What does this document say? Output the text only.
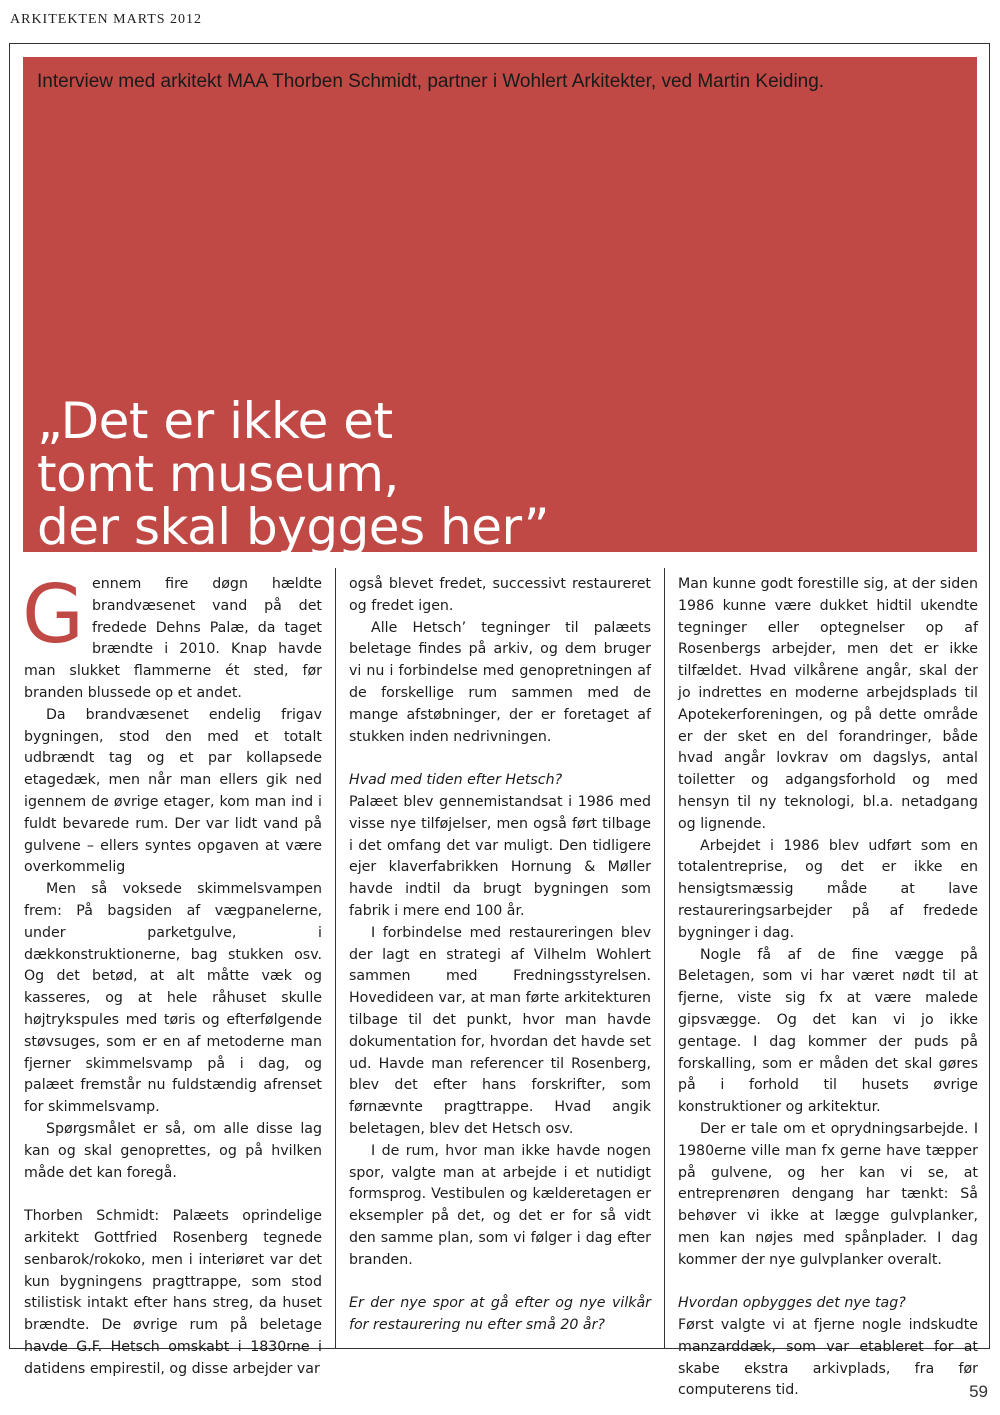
ARKITEKTEN MARTS 2012
Interview med arkitekt MAA Thorben Schmidt, partner i Wohlert Arkitekter, ved Martin Keiding.
„Det er ikke et
tomt museum,
der skal bygges her”

Gennem fire døgn hældte brandvæsenet vand på det fredede Dehns Palæ, da taget brændte i 2010. Knap havde man slukket flammerne ét sted, før branden blussede op et andet.

Da brandvæsenet endelig frigav bygningen, stod den med et totalt udbrændt tag og et par kollapsede etagedæk, men når man ellers gik ned igennem de øvrige etager, kom man ind i fuldt bevarede rum. Der var lidt vand på gulvene – ellers syntes opgaven at være overkommelig

Men så voksede skimmelsvampen frem: På bagsiden af vægpanelerne, under parketgulve, i dækkonstruktionerne, bag stukken osv. Og det betød, at alt måtte væk og kasseres, og at hele råhuset skulle højtrykspules med tøris og efterfølgende støvsuges, som er en af metoderne man fjerner skimmelsvamp på i dag, og palæet fremstår nu fuldstændig afrenset for skimmelsvamp.

Spørgsmålet er så, om alle disse lag kan og skal genoprettes, og på hvilken måde det kan foregå.

Thorben Schmidt: Palæets oprindelige arkitekt Gottfried Rosenberg tegnede senbarok/rokoko, men i interiøret var det kun bygningens pragttrappe, som stod stilistisk intakt efter hans streg, da huset brændte. De øvrige rum på beletage havde G.F. Hetsch omskabt i 1830rne i datidens empirestil, og disse arbejder var

også blevet fredet, successivt restaureret og fredet igen.

Alle Hetsch’ tegninger til palæets beletage findes på arkiv, og dem bruger vi nu i forbindelse med genopretningen af de forskellige rum sammen med de mange afstøbninger, der er foretaget af stukken inden nedrivningen.

Hvad med tiden efter Hetsch?

Palæet blev gennemistandsat i 1986 med visse nye tilføjelser, men også ført tilbage i det omfang det var muligt. Den tidligere ejer klaverfabrikken Hornung & Møller havde indtil da brugt bygningen som fabrik i mere end 100 år.

I forbindelse med restaureringen blev der lagt en strategi af Vilhelm Wohlert sammen med Fredningsstyrelsen. Hovedideen var, at man førte arkitekturen tilbage til det punkt, hvor man havde dokumentation for, hvordan det havde set ud. Havde man referencer til Rosenberg, blev det efter hans forskrifter, som førnævnte pragttrappe. Hvad angik beletagen, blev det Hetsch osv.

I de rum, hvor man ikke havde nogen spor, valgte man at arbejde i et nutidigt formsprog. Vestibulen og kælderetagen er eksempler på det, og det er for så vidt den samme plan, som vi følger i dag efter branden.

Er der nye spor at gå efter og nye vilkår for restaurering nu efter små 20 år?

Man kunne godt forestille sig, at der siden 1986 kunne være dukket hidtil ukendte tegninger eller optegnelser op af Rosenbergs arbejder, men det er ikke tilfældet. Hvad vilkårene angår, skal der jo indrettes en moderne arbejdsplads til Apotekerforeningen, og på dette område er der sket en del forandringer, både hvad angår lovkrav om dagslys, antal toiletter og adgangsforhold og med hensyn til ny teknologi, bl.a. netadgang og lignende.

Arbejdet i 1986 blev udført som en totalentreprise, og det er ikke en hensigtsmæssig måde at lave restaureringsarbejder på af fredede bygninger i dag.

Nogle få af de fine vægge på Beletagen, som vi har været nødt til at fjerne, viste sig fx at være malede gipsvægge. Og det kan vi jo ikke gentage. I dag kommer der puds på forskalling, som er måden det skal gøres på i forhold til husets øvrige konstruktioner og arkitektur.

Der er tale om et oprydningsarbejde. I 1980erne ville man fx gerne have tæpper på gulvene, og her kan vi se, at entreprenøren dengang har tænkt: Så behøver vi ikke at lægge gulvplanker, men kan nøjes med spånplader. I dag kommer der nye gulvplanker overalt.

Hvordan opbygges det nye tag?

Først valgte vi at fjerne nogle indskudte manzarddæk, som var etableret for at skabe ekstra arkivplads, fra før computerens tid.	59
